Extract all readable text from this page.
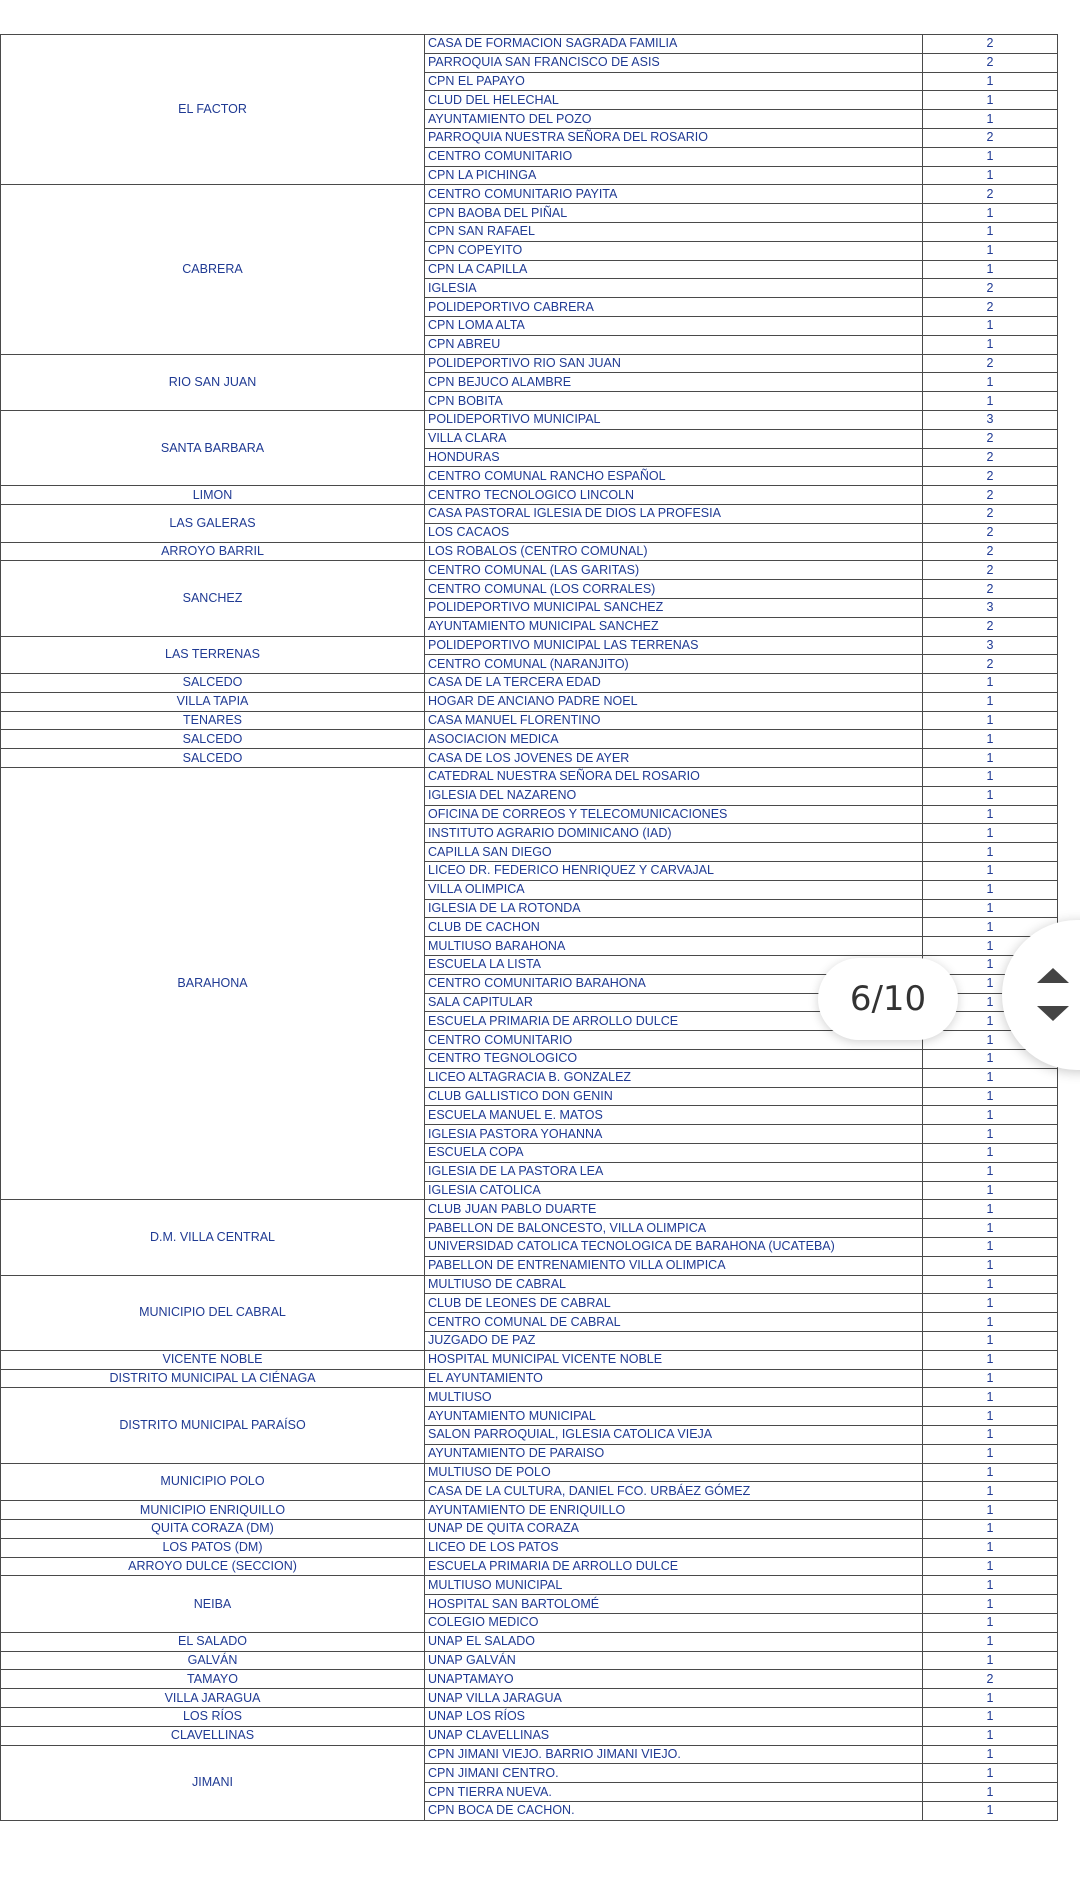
EL FACTOR	CASA DE FORMACION SAGRADA FAMILIA	2
	PARROQUIA SAN FRANCISCO DE ASIS	2
	CPN EL PAPAYO	1
	CLUD DEL HELECHAL	1
	AYUNTAMIENTO DEL POZO	1
	PARROQUIA NUESTRA SEÑORA DEL ROSARIO	2
	CENTRO COMUNITARIO	1
	CPN LA PICHINGA	1
CABRERA	CENTRO COMUNITARIO PAYITA	2
	CPN BAOBA DEL PIÑAL	1
	CPN SAN RAFAEL	1
	CPN COPEYITO	1
	CPN LA CAPILLA	1
	IGLESIA	2
	POLIDEPORTIVO CABRERA	2
	CPN LOMA ALTA	1
	CPN ABREU	1
RIO SAN JUAN	POLIDEPORTIVO RIO SAN JUAN	2
	CPN BEJUCO ALAMBRE	1
	CPN BOBITA	1
SANTA BARBARA	POLIDEPORTIVO MUNICIPAL	3
	VILLA CLARA	2
	HONDURAS	2
	CENTRO COMUNAL RANCHO ESPAÑOL	2
LIMON	CENTRO TECNOLOGICO LINCOLN	2
LAS GALERAS	CASA PASTORAL IGLESIA DE DIOS LA PROFESIA	2
	LOS CACAOS	2
ARROYO BARRIL	LOS ROBALOS (CENTRO COMUNAL)	2
SANCHEZ	CENTRO COMUNAL (LAS GARITAS)	2
	CENTRO COMUNAL (LOS CORRALES)	2
	POLIDEPORTIVO MUNICIPAL SANCHEZ	3
	AYUNTAMIENTO MUNICIPAL SANCHEZ	2
LAS TERRENAS	POLIDEPORTIVO MUNICIPAL LAS TERRENAS	3
	CENTRO COMUNAL (NARANJITO)	2
SALCEDO	CASA DE LA TERCERA EDAD	1
VILLA TAPIA	HOGAR DE ANCIANO PADRE NOEL	1
TENARES	CASA MANUEL FLORENTINO	1
SALCEDO	ASOCIACION MEDICA	1
SALCEDO	CASA DE LOS JOVENES DE AYER	1
BARAHONA	CATEDRAL NUESTRA SEÑORA DEL ROSARIO	1
	IGLESIA DEL NAZARENO	1
	OFICINA DE CORREOS Y TELECOMUNICACIONES	1
	INSTITUTO AGRARIO DOMINICANO (IAD)	1
	CAPILLA SAN DIEGO	1
	LICEO DR. FEDERICO HENRIQUEZ Y CARVAJAL	1
	VILLA OLIMPICA	1
	IGLESIA DE LA ROTONDA	1
	CLUB DE CACHON	1
	MULTIUSO BARAHONA	1
	ESCUELA LA LISTA	1
	CENTRO COMUNITARIO BARAHONA	1
	SALA CAPITULAR	1
	ESCUELA PRIMARIA DE ARROLLO DULCE	1
	CENTRO COMUNITARIO	1
	CENTRO TEGNOLOGICO	1
	LICEO ALTAGRACIA B. GONZALEZ	1
	CLUB GALLISTICO DON GENIN	1
	ESCUELA MANUEL E. MATOS	1
	IGLESIA PASTORA YOHANNA	1
	ESCUELA COPA	1
	IGLESIA DE LA PASTORA LEA	1
	IGLESIA CATOLICA	1
D.M. VILLA CENTRAL	CLUB JUAN PABLO DUARTE	1
	PABELLON DE BALONCESTO, VILLA OLIMPICA	1
	UNIVERSIDAD CATOLICA TECNOLOGICA DE BARAHONA (UCATEBA)	1
	PABELLON DE ENTRENAMIENTO VILLA OLIMPICA	1
MUNICIPIO DEL CABRAL	MULTIUSO DE CABRAL	1
	CLUB DE LEONES DE CABRAL	1
	CENTRO COMUNAL DE CABRAL	1
	JUZGADO DE PAZ	1
VICENTE NOBLE	HOSPITAL MUNICIPAL VICENTE NOBLE	1
DISTRITO MUNICIPAL LA CIÉNAGA	EL AYUNTAMIENTO	1
DISTRITO MUNICIPAL PARAÍSO	MULTIUSO	1
	AYUNTAMIENTO MUNICIPAL	1
	SALON PARROQUIAL, IGLESIA CATOLICA VIEJA	1
	AYUNTAMIENTO DE PARAISO	1
MUNICIPIO POLO	MULTIUSO DE POLO	1
	CASA DE LA CULTURA, DANIEL FCO. URBÁEZ GÓMEZ	1
MUNICIPIO ENRIQUILLO	AYUNTAMIENTO DE ENRIQUILLO	1
QUITA CORAZA (DM)	UNAP DE QUITA CORAZA	1
LOS PATOS (DM)	LICEO DE LOS PATOS	1
ARROYO DULCE (SECCION)	ESCUELA PRIMARIA DE ARROLLO DULCE	1
NEIBA	MULTIUSO MUNICIPAL	1
	HOSPITAL SAN BARTOLOMÉ	1
	COLEGIO MEDICO	1
EL SALADO	UNAP EL SALADO	1
GALVÁN	UNAP GALVÁN	1
TAMAYO	UNAPTAMAYO	2
VILLA JARAGUA	UNAP VILLA JARAGUA	1
LOS RÍOS	UNAP LOS RÍOS	1
CLAVELLINAS	UNAP CLAVELLINAS	1
JIMANI	CPN JIMANI VIEJO. BARRIO JIMANI VIEJO.	1
	CPN JIMANI CENTRO.	1
	CPN TIERRA NUEVA.	1
	CPN BOCA DE CACHON.	1
6/10
